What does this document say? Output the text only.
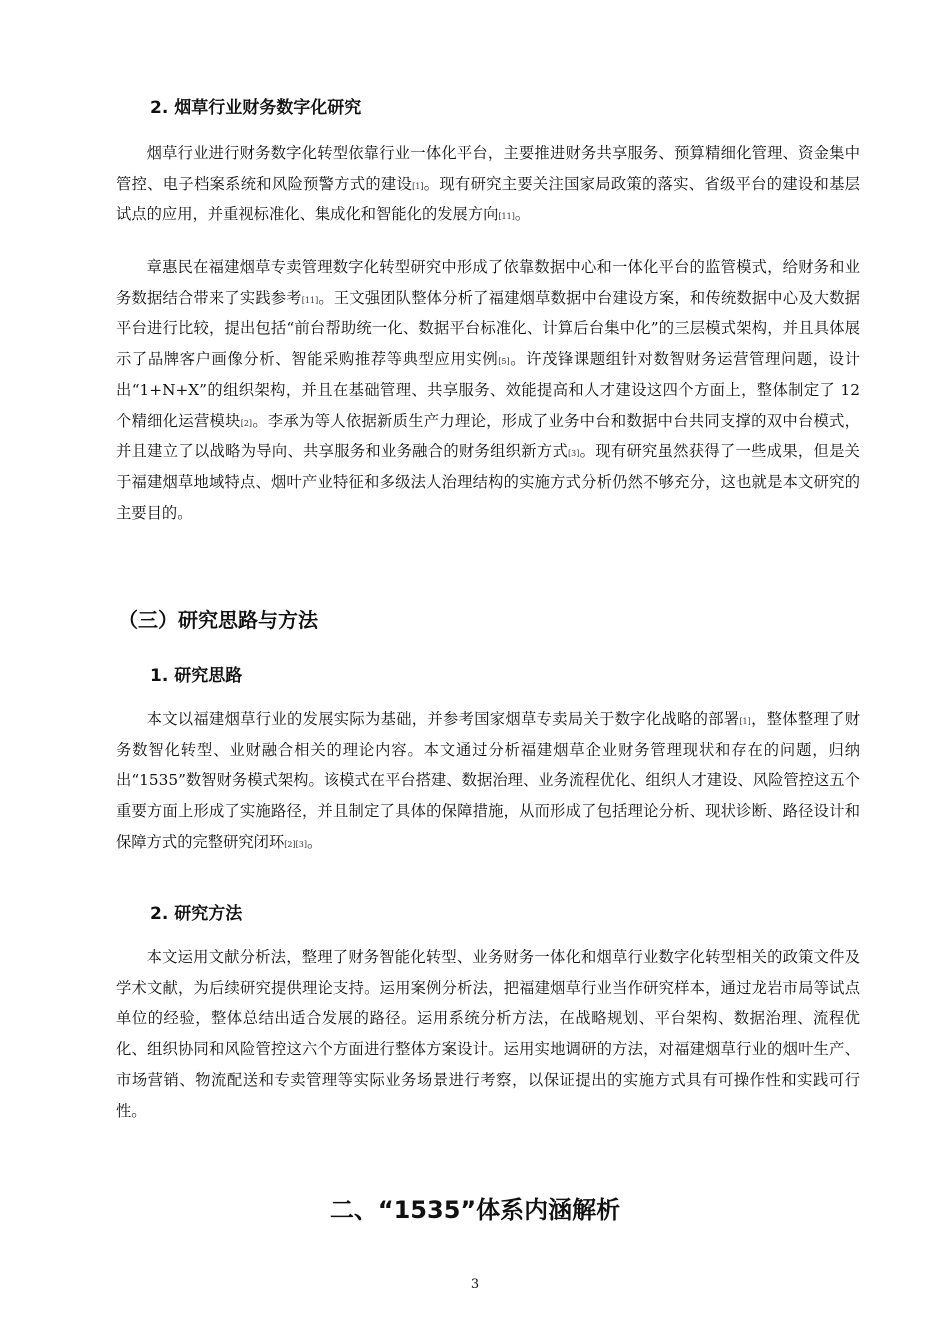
2. 烟草行业财务数字化研究

烟草行业进行财务数字化转型依靠行业一体化平台，主要推进财务共享服务、预算精细化管理、资金集中管控、电子档案系统和风险预警方式的建设[1]。现有研究主要关注国家局政策的落实、省级平台的建设和基层试点的应用，并重视标准化、集成化和智能化的发展方向[11]。

章惠民在福建烟草专卖管理数字化转型研究中形成了依靠数据中心和一体化平台的监管模式，给财务和业务数据结合带来了实践参考[11]。王文强团队整体分析了福建烟草数据中台建设方案，和传统数据中心及大数据平台进行比较，提出包括“前台帮助统一化、数据平台标准化、计算后台集中化”的三层模式架构，并且具体展示了品牌客户画像分析、智能采购推荐等典型应用实例[5]。许茂锋课题组针对数智财务运营管理问题，设计出“1+N+X”的组织架构，并且在基础管理、共享服务、效能提高和人才建设这四个方面上，整体制定了 12 个精细化运营模块[2]。李承为等人依据新质生产力理论，形成了业务中台和数据中台共同支撑的双中台模式，并且建立了以战略为导向、共享服务和业务融合的财务组织新方式[3]。现有研究虽然获得了一些成果，但是关于福建烟草地域特点、烟叶产业特征和多级法人治理结构的实施方式分析仍然不够充分，这也就是本文研究的主要目的。

（三）研究思路与方法
1. 研究思路

本文以福建烟草行业的发展实际为基础，并参考国家烟草专卖局关于数字化战略的部署[1]，整体整理了财务数智化转型、业财融合相关的理论内容。本文通过分析福建烟草企业财务管理现状和存在的问题，归纳出“1535”数智财务模式架构。该模式在平台搭建、数据治理、业务流程优化、组织人才建设、风险管控这五个重要方面上形成了实施路径，并且制定了具体的保障措施，从而形成了包括理论分析、现状诊断、路径设计和保障方式的完整研究闭环[2][3]。

2. 研究方法

本文运用文献分析法，整理了财务智能化转型、业务财务一体化和烟草行业数字化转型相关的政策文件及学术文献，为后续研究提供理论支持。运用案例分析法，把福建烟草行业当作研究样本，通过龙岩市局等试点单位的经验，整体总结出适合发展的路径。运用系统分析方法，在战略规划、平台架构、数据治理、流程优化、组织协同和风险管控这六个方面进行整体方案设计。运用实地调研的方法，对福建烟草行业的烟叶生产、市场营销、物流配送和专卖管理等实际业务场景进行考察，以保证提出的实施方式具有可操作性和实践可行性。

二、“1535”体系内涵解析
3
